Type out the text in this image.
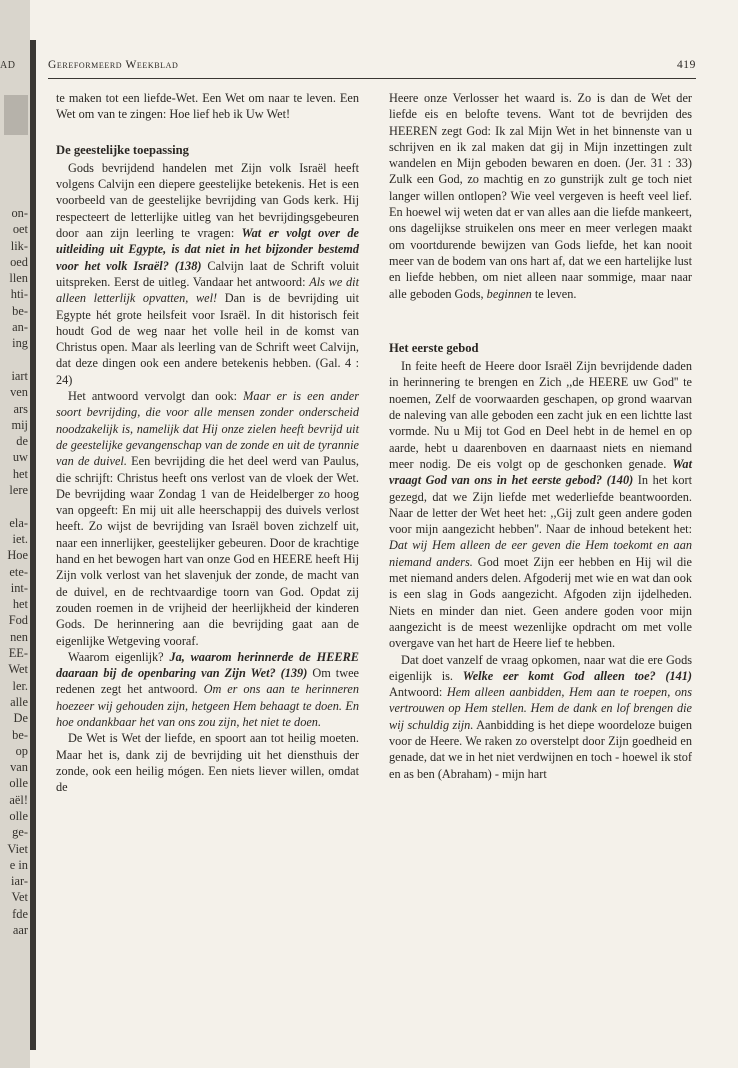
AD
on-
oet
lik-
oed
llen
hti-
be-
an-
ing

iart
ven
ars
mij
de
uw
het
lere

ela-
iet.
Hoe
ete-
int-
het
Fod
nen
EE-
Wet
ler.
alle
De
be-
op
van
olle
aël!
olle
ge-
Viet
e in
iar-
Vet
fde
aar
Gereformeerd Weekblad	419

te maken tot een liefde-Wet. Een Wet om naar te leven. Een Wet om van te zingen: Hoe lief heb ik Uw Wet!

De geestelijke toepassing

Gods bevrijdend handelen met Zijn volk Israël heeft volgens Calvijn een diepere geestelijke betekenis. Het is een voorbeeld van de geestelijke bevrijding van Gods kerk. Hij respecteert de letterlijke uitleg van het bevrijdingsgebeuren door aan zijn leerling te vragen: Wat er volgt over de uitleiding uit Egypte, is dat niet in het bijzonder bestemd voor het volk Israël? (138) Calvijn laat de Schrift voluit uitspreken. Eerst de uitleg. Vandaar het antwoord: Als we dit alleen letterlijk opvatten, wel! Dan is de bevrijding uit Egypte hét grote heilsfeit voor Israël. In dit historisch feit houdt God de weg naar het volle heil in de komst van Christus open. Maar als leerling van de Schrift weet Calvijn, dat deze dingen ook een andere betekenis hebben. (Gal. 4 : 24)

Het antwoord vervolgt dan ook: Maar er is een ander soort bevrijding, die voor alle mensen zonder onderscheid noodzakelijk is, namelijk dat Hij onze zielen heeft bevrijd uit de geestelijke gevangenschap van de zonde en uit de tyrannie van de duivel. Een bevrijding die het deel werd van Paulus, die schrijft: Christus heeft ons verlost van de vloek der Wet. De bevrijding waar Zondag 1 van de Heidelberger zo hoog van opgeeft: En mij uit alle heerschappij des duivels verlost heeft. Zo wijst de bevrijding van Israël boven zichzelf uit, naar een innerlijker, geestelijker gebeuren. Door de krachtige hand en het bewogen hart van onze God en HEERE heeft Hij Zijn volk verlost van het slavenjuk der zonde, de macht van de duivel, en de rechtvaardige toorn van God. Opdat zij zouden roemen in de vrijheid der heerlijkheid der kinderen Gods. De herinnering aan die bevrijding gaat aan de eigenlijke Wetgeving vooraf.

Waarom eigenlijk? Ja, waarom herinnerde de HEERE daaraan bij de openbaring van Zijn Wet? (139) Om twee redenen zegt het antwoord. Om er ons aan te herinneren hoezeer wij gehouden zijn, hetgeen Hem behaagt te doen. En hoe ondankbaar het van ons zou zijn, het niet te doen.

De Wet is Wet der liefde, en spoort aan tot heilig moeten. Maar het is, dank zij de bevrijding uit het diensthuis der zonde, ook een heilig mógen. Een niets liever willen, omdat de

Heere onze Verlosser het waard is. Zo is dan de Wet der liefde eis en belofte tevens. Want tot de bevrijden des HEEREN zegt God: Ik zal Mijn Wet in het binnenste van u schrijven en ik zal maken dat gij in Mijn inzettingen zult wandelen en Mijn geboden bewaren en doen. (Jer. 31 : 33) Zulk een God, zo machtig en zo gunstrijk zult ge toch niet langer willen ontlopen? Wie veel vergeven is heeft veel lief. En hoewel wij weten dat er van alles aan die liefde mankeert, ons dagelijkse struikelen ons meer en meer verlegen maakt om voortdurende bewijzen van Gods liefde, het kan nooit meer van de bodem van ons hart af, dat we een hartelijke lust en liefde hebben, om niet alleen naar sommige, maar naar alle geboden Gods, beginnen te leven.

Het eerste gebod

In feite heeft de Heere door Israël Zijn bevrijdende daden in herinnering te brengen en Zich ,,de HEERE uw God'' te noemen, Zelf de voorwaarden geschapen, op grond waarvan de naleving van alle geboden een zacht juk en een lichtte last vormde. Nu u Mij tot God en Deel hebt in de hemel en op aarde, hebt u daarenboven en daarnaast niets en niemand meer nodig. De eis volgt op de geschonken genade. Wat vraagt God van ons in het eerste gebod? (140) In het kort gezegd, dat we Zijn liefde met wederliefde beantwoorden. Naar de letter der Wet heet het: ,,Gij zult geen andere goden voor mijn aangezicht hebben''. Naar de inhoud betekent het: Dat wij Hem alleen de eer geven die Hem toekomt en aan niemand anders. God moet Zijn eer hebben en Hij wil die met niemand anders delen. Afgoderij met wie en wat dan ook is een slag in Gods aangezicht. Afgoden zijn ijdelheden. Niets en minder dan niet. Geen andere goden voor mijn aangezicht is de meest wezenlijke opdracht om met volle overgave van het hart de Heere lief te hebben.

Dat doet vanzelf de vraag opkomen, naar wat die ere Gods eigenlijk is. Welke eer komt God alleen toe? (141) Antwoord: Hem alleen aanbidden, Hem aan te roepen, ons vertrouwen op Hem stellen. Hem de dank en lof brengen die wij schuldig zijn. Aanbidding is het diepe woordeloze buigen voor de Heere. We raken zo overstelpt door Zijn goedheid en genade, dat we in het niet verdwijnen en toch - hoewel ik stof en as ben (Abraham) - mijn hart
